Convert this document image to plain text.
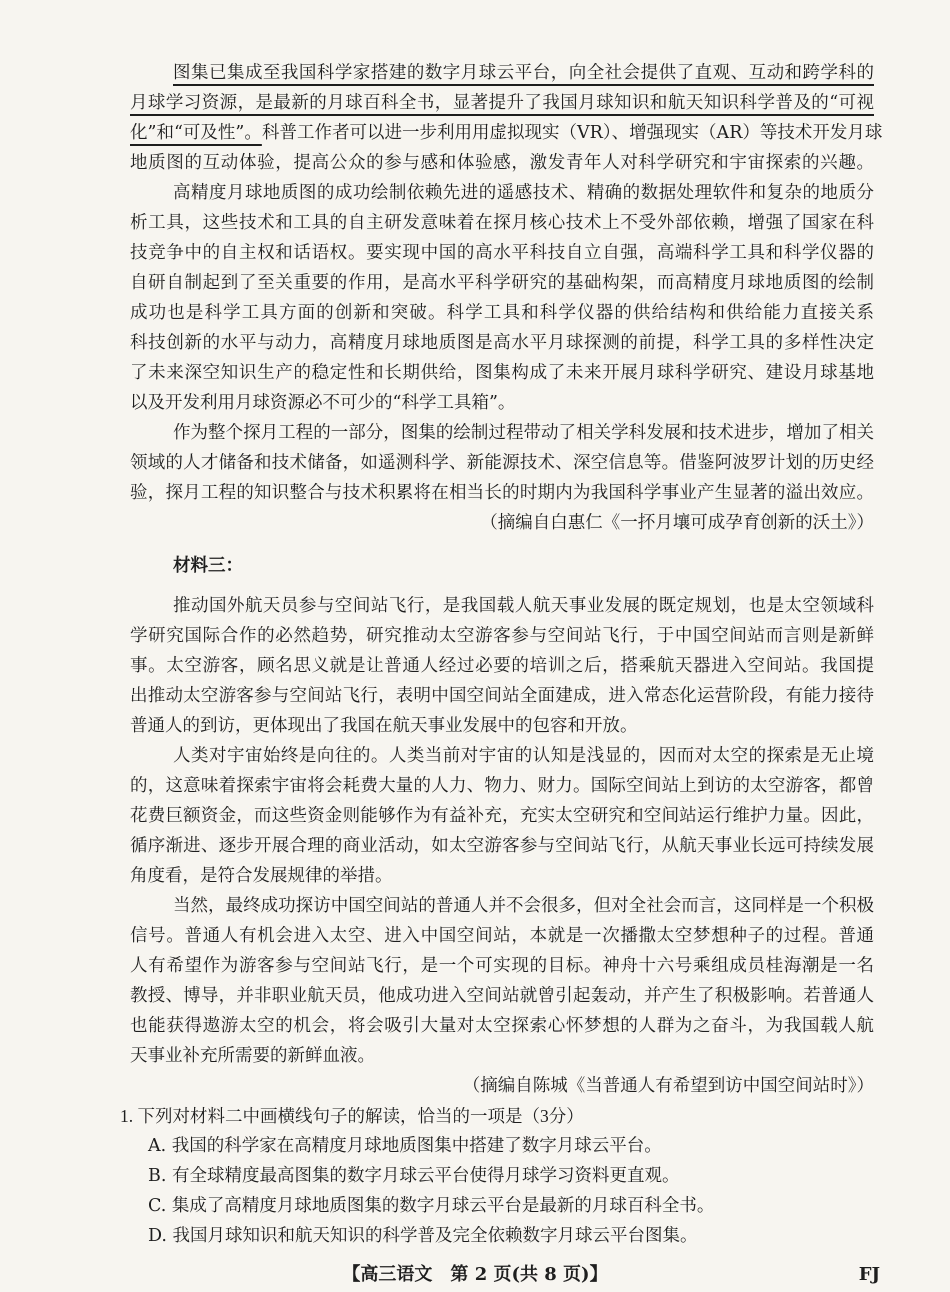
图集已集成至我国科学家搭建的数字月球云平台，向全社会提供了直观、互动和跨学科的
月球学习资源，是最新的月球百科全书，显著提升了我国月球知识和航天知识科学普及的“可视
化”和“可及性”。 科普工作者可以进一步利用用虚拟现实（VR）、增强现实（AR）等技术开发月球
地质图的互动体验，提高公众的参与感和体验感，激发青年人对科学研究和宇宙探索的兴趣。
高精度月球地质图的成功绘制依赖先进的遥感技术、精确的数据处理软件和复杂的地质分
析工具，这些技术和工具的自主研发意味着在探月核心技术上不受外部依赖，增强了国家在科
技竞争中的自主权和话语权。要实现中国的高水平科技自立自强，高端科学工具和科学仪器的
自研自制起到了至关重要的作用，是高水平科学研究的基础构架，而高精度月球地质图的绘制
成功也是科学工具方面的创新和突破。科学工具和科学仪器的供给结构和供给能力直接关系
科技创新的水平与动力，高精度月球地质图是高水平月球探测的前提，科学工具的多样性决定
了未来深空知识生产的稳定性和长期供给，图集构成了未来开展月球科学研究、建设月球基地
以及开发利用月球资源必不可少的“科学工具箱”。
作为整个探月工程的一部分，图集的绘制过程带动了相关学科发展和技术进步，增加了相关
领域的人才储备和技术储备，如遥测科学、新能源技术、深空信息等。借鉴阿波罗计划的历史经
验，探月工程的知识整合与技术积累将在相当长的时期内为我国科学事业产生显著的溢出效应。
（摘编自白惠仁《一抔月壤可成孕育创新的沃土》）
材料三：
推动国外航天员参与空间站飞行，是我国载人航天事业发展的既定规划，也是太空领域科
学研究国际合作的必然趋势，研究推动太空游客参与空间站飞行，于中国空间站而言则是新鲜
事。太空游客，顾名思义就是让普通人经过必要的培训之后，搭乘航天器进入空间站。我国提
出推动太空游客参与空间站飞行，表明中国空间站全面建成，进入常态化运营阶段，有能力接待
普通人的到访，更体现出了我国在航天事业发展中的包容和开放。
人类对宇宙始终是向往的。人类当前对宇宙的认知是浅显的，因而对太空的探索是无止境
的，这意味着探索宇宙将会耗费大量的人力、物力、财力。国际空间站上到访的太空游客，都曾
花费巨额资金，而这些资金则能够作为有益补充，充实太空研究和空间站运行维护力量。因此，
循序渐进、逐步开展合理的商业活动，如太空游客参与空间站飞行，从航天事业长远可持续发展
角度看，是符合发展规律的举措。
当然，最终成功探访中国空间站的普通人并不会很多，但对全社会而言，这同样是一个积极
信号。普通人有机会进入太空、进入中国空间站，本就是一次播撒太空梦想种子的过程。普通
人有希望作为游客参与空间站飞行，是一个可实现的目标。神舟十六号乘组成员桂海潮是一名
教授、博导，并非职业航天员，他成功进入空间站就曾引起轰动，并产生了积极影响。若普通人
也能获得遨游太空的机会，将会吸引大量对太空探索心怀梦想的人群为之奋斗，为我国载人航
天事业补充所需要的新鲜血液。
（摘编自陈城《当普通人有希望到访中国空间站时》）
1. 下列对材料二中画横线句子的解读，恰当的一项是（3分）
A. 我国的科学家在高精度月球地质图集中搭建了数字月球云平台。
B. 有全球精度最高图集的数字月球云平台使得月球学习资料更直观。
C. 集成了高精度月球地质图集的数字月球云平台是最新的月球百科全书。
D. 我国月球知识和航天知识的科学普及完全依赖数字月球云平台图集。
【高三语文　第 2 页(共 8 页)】	FJ
